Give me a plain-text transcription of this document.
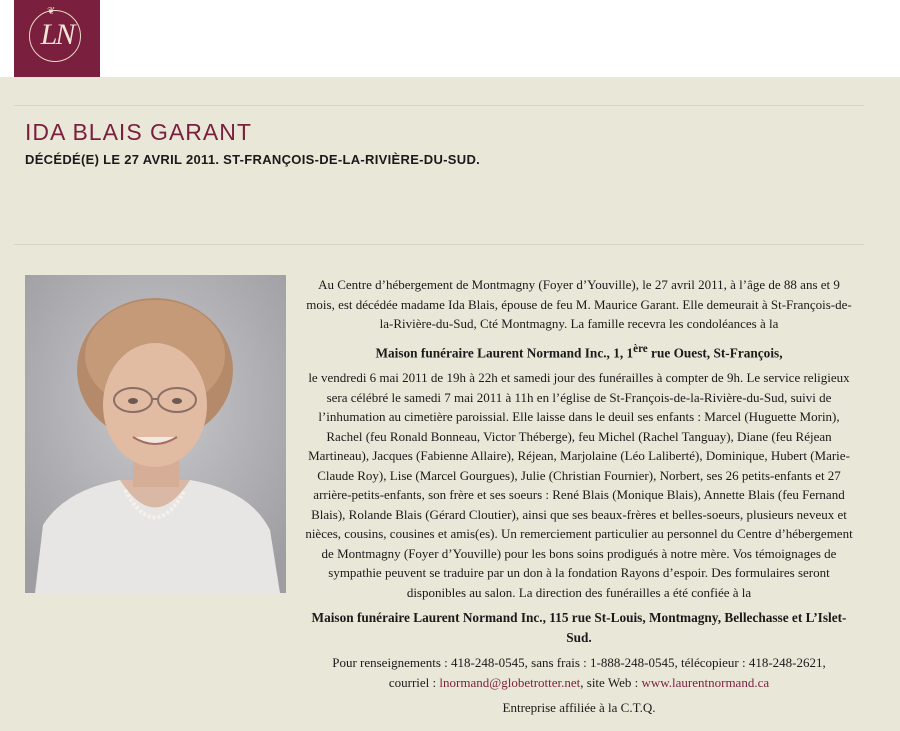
❦
LN
IDA BLAIS GARANT
DÉCÉDÉ(E) LE 27 AVRIL 2011. ST-FRANÇOIS-DE-LA-RIVIÈRE-DU-SUD.

Au Centre d’hébergement de Montmagny (Foyer d’Youville), le 27 avril 2011, à l’âge de 88 ans et 9 mois, est décédée madame Ida Blais, épouse de feu M. Maurice Garant. Elle demeurait à St-François-de-la-Rivière-du-Sud, Cté Montmagny. La famille recevra les condoléances à la

Maison funéraire Laurent Normand Inc., 1, 1ère rue Ouest, St-François,

le vendredi 6 mai 2011 de 19h à 22h et samedi jour des funérailles à compter de 9h. Le service religieux sera célébré le samedi 7 mai 2011 à 11h en l’église de St-François-de-la-Rivière-du-Sud, suivi de l’inhumation au cimetière paroissial. Elle laisse dans le deuil ses enfants : Marcel (Huguette Morin), Rachel (feu Ronald Bonneau, Victor Théberge), feu Michel (Rachel Tanguay), Diane (feu Réjean Martineau), Jacques (Fabienne Allaire), Réjean, Marjolaine (Léo Laliberté), Dominique, Hubert (Marie-Claude Roy), Lise (Marcel Gourgues), Julie (Christian Fournier), Norbert, ses 26 petits-enfants et 27 arrière-petits-enfants, son frère et ses soeurs : René Blais (Monique Blais), Annette Blais (feu Fernand Blais), Rolande Blais (Gérard Cloutier), ainsi que ses beaux-frères et belles-soeurs, plusieurs neveux et nièces, cousins, cousines et amis(es). Un remerciement particulier au personnel du Centre d’hébergement de Montmagny (Foyer d’Youville) pour les bons soins prodigués à notre mère. Vos témoignages de sympathie peuvent se traduire par un don à la fondation Rayons d’espoir. Des formulaires seront disponibles au salon. La direction des funérailles a été confiée à la

Maison funéraire Laurent Normand Inc., 115 rue St-Louis, Montmagny, Bellechasse et L’Islet-Sud.

Pour renseignements : 418-248-0545, sans frais : 1-888-248-0545, télécopieur : 418-248-2621,
courriel : lnormand@globetrotter.net, site Web : www.laurentnormand.ca

Entreprise affiliée à la C.T.Q.
